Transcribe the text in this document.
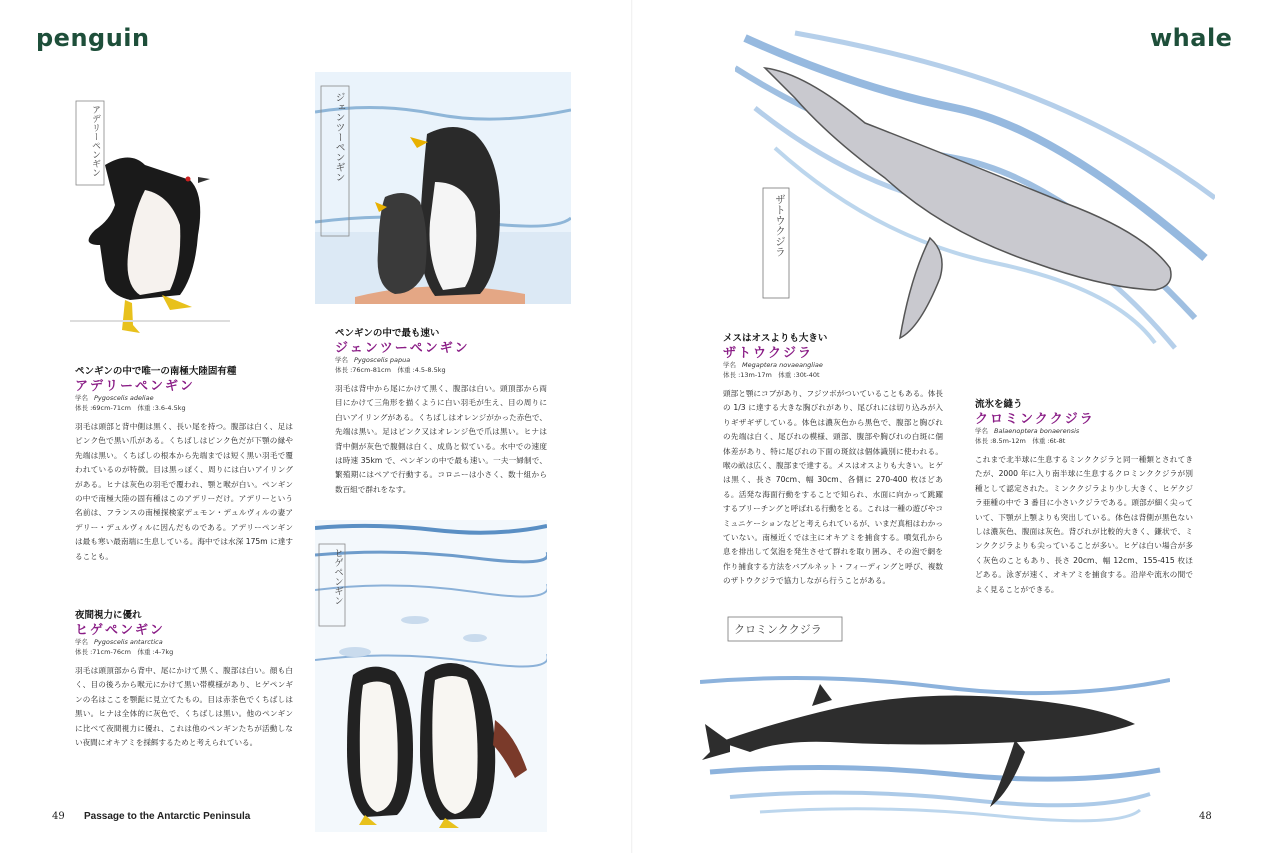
penguin
アデリーペンギン	ジェンツーペンギン
ヒゲペンギン
ペンギンの中で唯一の南極大陸固有種
アデリーペンギン
学名 Pygoscelis adeliae
体長 :69cm-71cm　体重 :3.6-4.5kg
羽毛は頭部と背中側は黒く、長い尾を持つ。腹部は白く、足はピンク色で黒い爪がある。くちばしはピンク色だが下顎の縁や先端は黒い。くちばしの根本から先端までは短く黒い羽毛で覆われているのが特徴。目は黒っぽく、周りには白いアイリングがある。ヒナは灰色の羽毛で覆われ、顎と喉が白い。ペンギンの中で南極大陸の固有種はこのアデリーだけ。アデリーという名前は、フランスの南極探検家デュモン・デュルヴィルの妻アデリー・デュルヴィルに因んだものである。アデリーペンギンは最も寒い最南端に生息している。海中では水深 175m に達することも。
ペンギンの中で最も速い
ジェンツーペンギン
学名 Pygoscelis papua
体長 :76cm-81cm　体重 :4.5-8.5kg
羽毛は背中から尾にかけて黒く、腹部は白い。頭頂部から両目にかけて三角形を描くように白い羽毛が生え、目の周りに白いアイリングがある。くちばしはオレンジがかった赤色で、先端は黒い。足はピンク又はオレンジ色で爪は黒い。ヒナは背中側が灰色で腹側は白く、成鳥と似ている。水中での速度は時速 35km で、ペンギンの中で最も速い。一夫一婦制で、繁殖期にはペアで行動する。コロニーは小さく、数十組から数百組で群れをなす。
夜間視力に優れ
ヒゲペンギン
学名 Pygoscelis antarctica
体長 :71cm-76cm　体重 :4-7kg
羽毛は頭頂部から背中、尾にかけて黒く、腹部は白い。顔も白く、目の後ろから喉元にかけて黒い帯模様があり、ヒゲペンギンの名はここを顎髭に見立てたもの。目は赤茶色でくちばしは黒い。ヒナは全体的に灰色で、くちばしは黒い。他のペンギンに比べて夜間視力に優れ、これは他のペンギンたちが活動しない夜間にオキアミを採餌するためと考えられている。
49 Passage to the Antarctic Peninsula
whale
ザトウクジラ
クロミンククジラ
メスはオスよりも大きい
ザトウクジラ
学名 Megaptera novaeangliae
体長 :13m-17m　体重 :30t-40t
頭部と顎にコブがあり、フジツボがついていることもある。体長の 1/3 に達する大きな胸びれがあり、尾びれには切り込みが入りギザギザしている。体色は濃灰色から黒色で、腹部と胸びれの先端は白く、尾びれの模様、頭部、腹部や胸びれの白斑に個体差があり、特に尾びれの下面の斑紋は個体識別に使われる。喉の畝は広く、腹部まで達する。メスはオスよりも大きい。ヒゲは黒く、長さ 70cm、幅 30cm、各側に 270-400 枚ほどある。活発な海面行動をすることで知られ、水面に向かって跳躍するブリーチングと呼ばれる行動をとる。これは一種の遊びやコミュニケーションなどと考えられているが、いまだ真相はわかっていない。南極近くでは主にオキアミを捕食する。噴気孔から息を排出して気泡を発生させて群れを取り囲み、その泡で網を作り捕食する方法をバブルネット・フィーディングと呼び、複数のザトウクジラで協力しながら行うことがある。
流氷を縫う
クロミンククジラ
学名 Balaenoptera bonaerensis
体長 :8.5m-12m　体重 :6t-8t
これまで北半球に生息するミンククジラと同一種類とされてきたが、2000 年に入り南半球に生息するクロミンククジラが別種として認定された。ミンククジラより少し大きく、ヒゲクジラ亜種の中で 3 番目に小さいクジラである。頭部が細く尖っていて、下顎が上顎よりも突出している。体色は背側が黒色ないしは濃灰色、腹面は灰色。背びれが比較的大きく、鎌状で、ミンククジラよりも尖っていることが多い。ヒゲは白い場合が多く灰色のこともあり、長さ 20cm、幅 12cm、155-415 枚ほどある。泳ぎが速く、オキアミを捕食する。沿岸や流氷の間でよく見ることができる。
48
